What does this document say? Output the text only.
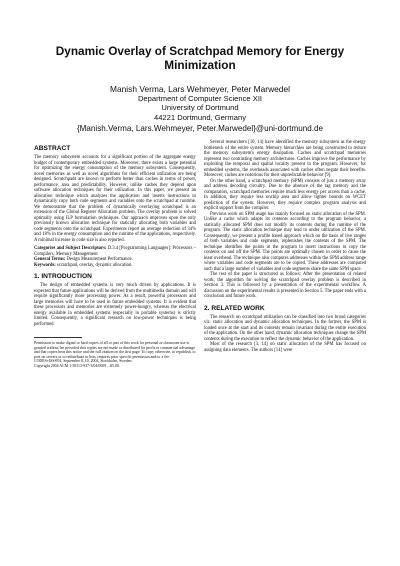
Dynamic Overlay of Scratchpad Memory for Energy Minimization
Manish Verma, Lars Wehmeyer, Peter Marwedel
Department of Computer Science XII
University of Dortmund
44221 Dortmund, Germany
{Manish.Verma, Lars.Wehmeyer, Peter.Marwedel}@uni-dortmund.de
ABSTRACT

The memory subsystem accounts for a significant portion of the aggregate energy budget of contemporary embedded systems. Moreover, there exists a large potential for optimizing the energy consumption of the memory subsystem. Consequently, novel memories as well as novel algorithms for their efficient utilization are being designed. Scratchpads are known to perform better than caches in terms of power, performance, area and predictability. However, unlike caches they depend upon software allocation techniques for their utilization. In this paper, we present an allocation technique which analyzes the application and inserts instructions to dynamically copy both code segments and variables onto the scratchpad at runtime. We demonstrate that the problem of dynamically overlaying scratchpad is an extension of the Global Register Allocation problem. The overlay problem is solved optimally using ILP formulation techniques. Our approach improves upon the only previously known allocation technique for statically allocating both variables and code segments onto the scratchpad. Experiments report an average reduction of 34% and 18% in the energy consumption and the runtime of the applications, respectively. A minimal increase in code size is also reported.

Categories and Subject Descriptors: D.3.4 [Programming Languages]: Processors – Compilers, Memory Management

General Terms: Design Measurement Performance.

Keywords: scratchpad, overlay, dynamic allocation.

1. INTRODUCTION

The design of embedded systems is very much driven by applications. It is expected that future applications will be derived from the multimedia domain and will require significantly more processing power. As a result, powerful processors and large memories will have to be used in future embedded systems. It is evident that these processors and memories are extremely power-hungry, whereas the electrical energy available in embedded systems (especially in portable systems) is strictly limited. Consequently, a significant research on low-power techniques is being performed.

Permission to make digital or hard copies of all or part of this work for personal or classroom use is granted without fee provided that copies are not made or distributed for profit or commercial advantage and that copies bear this notice and the full citation on the first page. To copy otherwise, to republish, to post on servers or to redistribute to lists, requires prior specific permission and/or a fee.

CODES+ISSS'04, September 8–10, 2004, Stockholm, Sweden.

Copyright 2004 ACM 1-58113-937-3/04/0009 ...$5.00.

Several researchers [10, 14] have identified the memory subsystem as the energy bottleneck of the entire system. Memory hierarchies are being constructed to reduce the memory subsystem's energy dissipation. Caches and scratchpad memories represent two contrasting memory architectures. Caches improve the performance by exploiting the temporal and spatial locality present in the program. However, for embedded systems, the overheads associated with caches often negate their benefits. Moreover, caches are notorious for their unpredictable behavior [9].

On the other hand, a scratchpad memory (SPM) consists of just a memory array and address decoding circuitry. Due to the absence of the tag memory and the comparators, scratchpad memories require much less energy per access than a cache. In addition, they require less onchip area and allow tighter bounds on WCET prediction of the system. However, they require complex program analysis and explicit support from the compiler.

Previous work on SPM usage has mainly focused on static allocation of the SPM. Unlike a cache which adapts its contents according to the program behavior, a statically allocated SPM does not modify its contents during the runtime of the program. The static allocation technique may lead to under utilization of the SPM. Consequently, we present a profile based approach which on the basis of live ranges of both variables and code segments, replenishes the contents of the SPM. The technique identifies the points in the program to insert instructions to copy the contents on and off the SPM. The points are optimally chosen in order to cause the least overhead. The technique also computes addresses within the SPM address range where variables and code segments are to be copied. These addresses are computed such that a large number of variables and code segments share the same SPM space.

The rest of the paper is structured as follows: After the presentation of related work, the algorithm for solving the scratchpad overlay problem is described in Section 3. This is followed by a presentation of the experimental workflow. A discussion on the experimental results is presented in Section 5. The paper ends with a conclusion and future work.

2. RELATED WORK

The research on scratchpad utilization can be classified into two broad categories viz. static allocation and dynamic allocation techniques. In the former, the SPM is loaded once at the start and its contents remain invariant during the entire execution of the application. On the other hand, dynamic allocation techniques change the SPM contents during the execution to reflect the dynamic behavior of the application.

Most of the research [3, 14] on static allocation of the SPM has focused on assigning data elements. The authors [14] were
